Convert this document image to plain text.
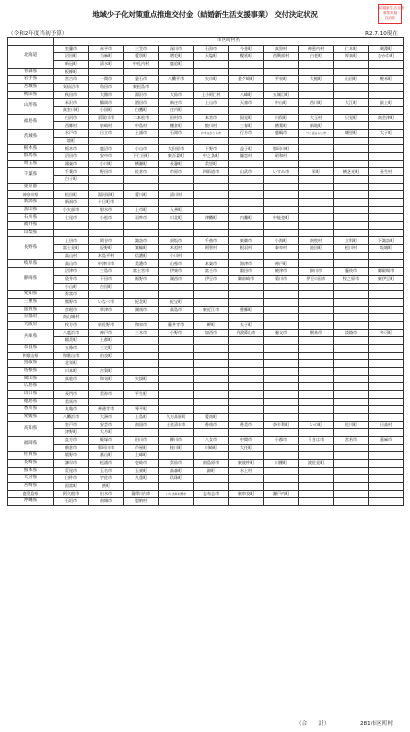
地域少子化対策重点推進交付金（結婚新生活支援事業） 交付決定状況
結婚新生活支援
事業実施
自治体
（令和2年度当初予算）	R2.7.10現在
	市区町村名									
北海道	室蘭市	赤平市	三笠市	深川市	石狩市	今金町	真狩村	神恵内村	仁木町	剣淵町
	沼田町	当麻町	愛別町	増毛町	天塩町	幌延町	西興部村	白老町	厚真町	むかわ町
	新冠町	清水町	中札内村	鹿追町						
青森県	板柳町									
岩手県	宮古市	一関市	釜石市	八幡平市	矢巾町	金ケ崎町	平泉町	大槌町	山田町	軽米町
宮城県	気仙沼市	角田市	東松島市							
秋田県	秋田市	大館市	湯沢市	大仙市	上小阿仁村	八峰町	五城目町			
山形県	米沢市	鶴岡市	酒田市	新庄市	上山市	天童市	中山町	西川町	大江町	最上町
	真室川町	小国町	白鷹町	庄内町						
福島県	白河市	須賀川市	二本松市	田村市	本宮市	国見町	川俣町	大玉村	只見町	南会津町
	西郷村	泉崎村	中島村	棚倉町	鮫川村	三春町	楢葉町	新地町		
茨城県	水戸市	日立市	土浦市	石岡市	かすみがうら市	行方市	鹿嶋市	つくばみらい市	城里町	大子町
	境町									
栃木県	栃木市	鹿沼市	小山市	大田原市	下野市	益子町	那珂川町			
群馬県	沼田市	安中市	下仁田町	東吾妻町	中之条町	嬬恋村	昭和村			
埼玉県	鴻巣市	小川町	横瀬町	長瀞町	美里町					
千葉県	千葉市	野田市	佐倉市	市原市	四街道市	山武市	いすみ市	栄町	横芝光町	長生村
	白子町									
東京都										
神奈川県	松田町	湯河原町	愛川町	清川村						
新潟県	新潟市	十日町市								
富山県	小矢部市	射水市	上市町	入善町						
石川県	七尾市	小松市	羽咋市	川北町	津幡町	内灘町	中能登町			
福井県										
山梨県										
長野県	上田市	岡谷市	諏訪市	須坂市	千曲市	東御市	小海町	南牧村	立科町	下諏訪町
	富士見町	辰野町	箕輪町	木祖村	阿智村	根羽村	泰阜村	池田町	松川村	坂城町
	高山村	木島平村	信濃町	小川村						
岐阜県	高山市	中津川市	美濃市	山県市	本巣市	海津市	神戸町			
静岡県	沼津市	三島市	富士宮市	伊東市	富士市	磐田市	焼津市	掛川市	藤枝市	御殿場市
	袋井市	下田市	裾野市	湖西市	伊豆市	御前崎市	菊川市	伊豆の国市	牧之原市	東伊豆町
	小山町	吉田町								
愛知県	弥富市									
三重県	熊野市	いなべ市	紀北町	紀宝町						
滋賀県	彦根市	草津市	湖南市	高島市	東近江市	豊郷町				
京都府	南山城村									
大阪府	枚方市	泉佐野市	和泉市	藤井寺市	岬町	太子町				
兵庫県	八鹿浜市	神戸市	三木市	小野市	加西市	丹波篠山市	養父市	朝来市	淡路市	多可町
	稲美町	上郡町								
奈良県	五條市	三宅町								
和歌山県	和歌山市	由良町								
鳥取県	北栄町									
島根県	川本町	吉賀町								
岡山県	真庭市	和気町	矢掛町							
広島県										
山口県	長門市	美祢市	平生町							
徳島県	美馬市									
香川県	丸亀市	善通寺市	琴平町							
愛媛県	八幡浜市	大洲市	上島町	久万高原町	愛南町					
高知県	室戸市	安芸市	南国市	土佐清水市	香南市	香美市	奈半利町	いの町	佐川町	日高村
	津野町	大月町								
福岡県	直方市	飯塚市	田川市	柳川市	八女市	中間市	小郡市	うきは市	宮若市	嘉麻市
	朝倉市	那珂川市	芦屋町	桂川町	川崎町	大任町				
佐賀県	嬉野市	基山町	上峰町							
長崎県	諫早市	松浦市	壱岐市	雲仙市	南島原市	東彼杵町	川棚町	波佐見町		
熊本県	荒尾市	玉名市	玉東町	高森町	錦町	水上村				
大分県	臼杵市	宇佐市	九重町	玖珠町						
宮崎県	国富町	綾町								
鹿児島県	阿久根市	出水市	薩摩川内市	いちき串木野市	志布志市	東串良町	瀬戸内町			
沖縄県	石垣市	南城市	恩納村							
（合　　計）	281市区町村
